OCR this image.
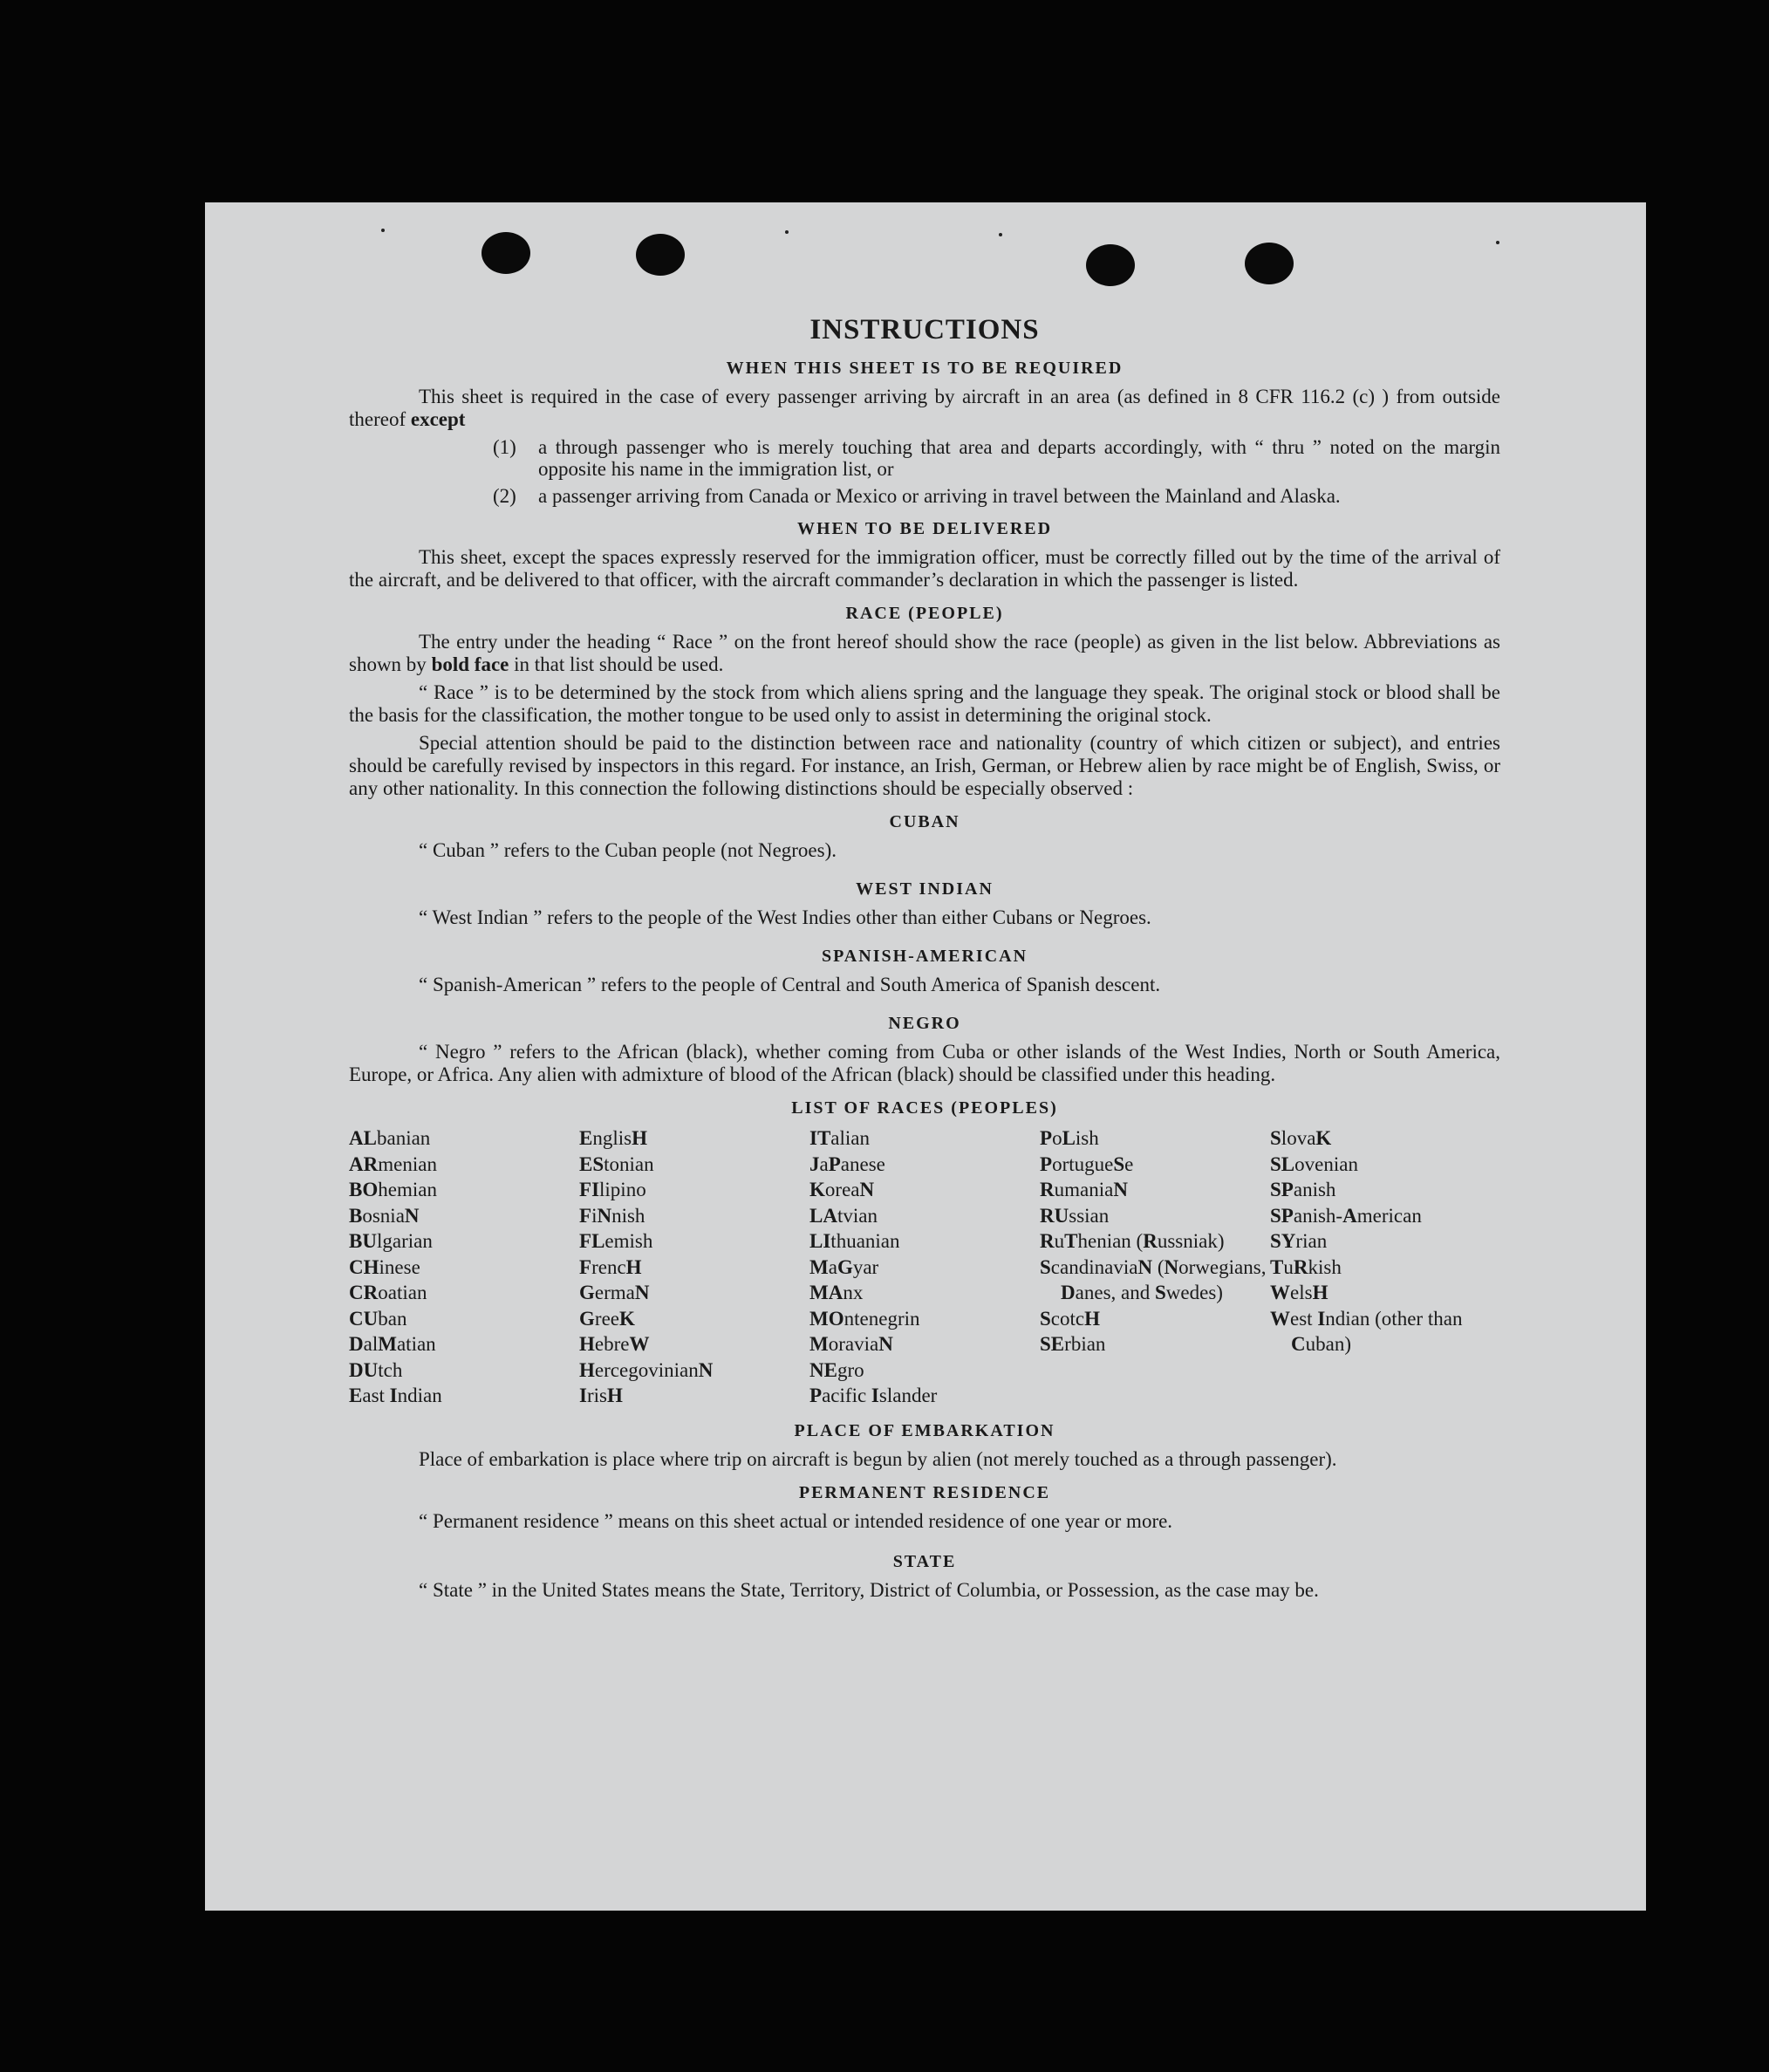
INSTRUCTIONS
WHEN THIS SHEET IS TO BE REQUIRED

This sheet is required in the case of every passenger arriving by aircraft in an area (as defined in 8 CFR 116.2 (c) ) from outside thereof except

(1)	a through passenger who is merely touching that area and departs accordingly, with “ thru ” noted on the margin opposite his name in the immigration list, or
(2)	a passenger arriving from Canada or Mexico or arriving in travel between the Mainland and Alaska.
WHEN TO BE DELIVERED

This sheet, except the spaces expressly reserved for the immigration officer, must be correctly filled out by the time of the arrival of the aircraft, and be delivered to that officer, with the aircraft commander’s declaration in which the passenger is listed.

RACE (PEOPLE)

The entry under the heading “ Race ” on the front hereof should show the race (people) as given in the list below. Abbreviations as shown by bold face in that list should be used.

“ Race ” is to be determined by the stock from which aliens spring and the language they speak. The original stock or blood shall be the basis for the classification, the mother tongue to be used only to assist in determining the original stock.

Special attention should be paid to the distinction between race and nationality (country of which citizen or subject), and entries should be carefully revised by inspectors in this regard. For instance, an Irish, German, or Hebrew alien by race might be of English, Swiss, or any other nationality. In this connection the following distinctions should be especially observed :

CUBAN

“ Cuban ” refers to the Cuban people (not Negroes).

WEST INDIAN

“ West Indian ” refers to the people of the West Indies other than either Cubans or Negroes.

SPANISH-AMERICAN

“ Spanish-American ” refers to the people of Central and South America of Spanish descent.

NEGRO

“ Negro ” refers to the African (black), whether coming from Cuba or other islands of the West Indies, North or South America, Europe, or Africa. Any alien with admixture of blood of the African (black) should be classified under this heading.

LIST OF RACES (PEOPLES)
ALbanian
ARmenian
BOhemian
BosniaN
BUlgarian
CHinese
CRoatian
CUban
DalMatian
DUtch
East Indian
EnglisH
EStonian
FIlipino
FiNnish
FLemish
FrencH
GermaN
GreeK
HebreW
HercegovinianN
IrisH
ITalian
JaPanese
KoreaN
LAtvian
LIthuanian
MaGyar
MAnx
MOntenegrin
MoraviaN
NEgro
Pacific Islander
PoLish
PortugueSe
RumaniaN
RUssian
RuThenian (Russniak)
ScandinaviaN (Norwegians, Danes, and Swedes)
ScotcH
SErbian
SlovaK
SLovenian
SPanish
SPanish-American
SYrian
TuRkish
WelsH
West Indian (other than Cuban)
PLACE OF EMBARKATION

Place of embarkation is place where trip on aircraft is begun by alien (not merely touched as a through passenger).

PERMANENT RESIDENCE

“ Permanent residence ” means on this sheet actual or intended residence of one year or more.

STATE

“ State ” in the United States means the State, Territory, District of Columbia, or Possession, as the case may be.
